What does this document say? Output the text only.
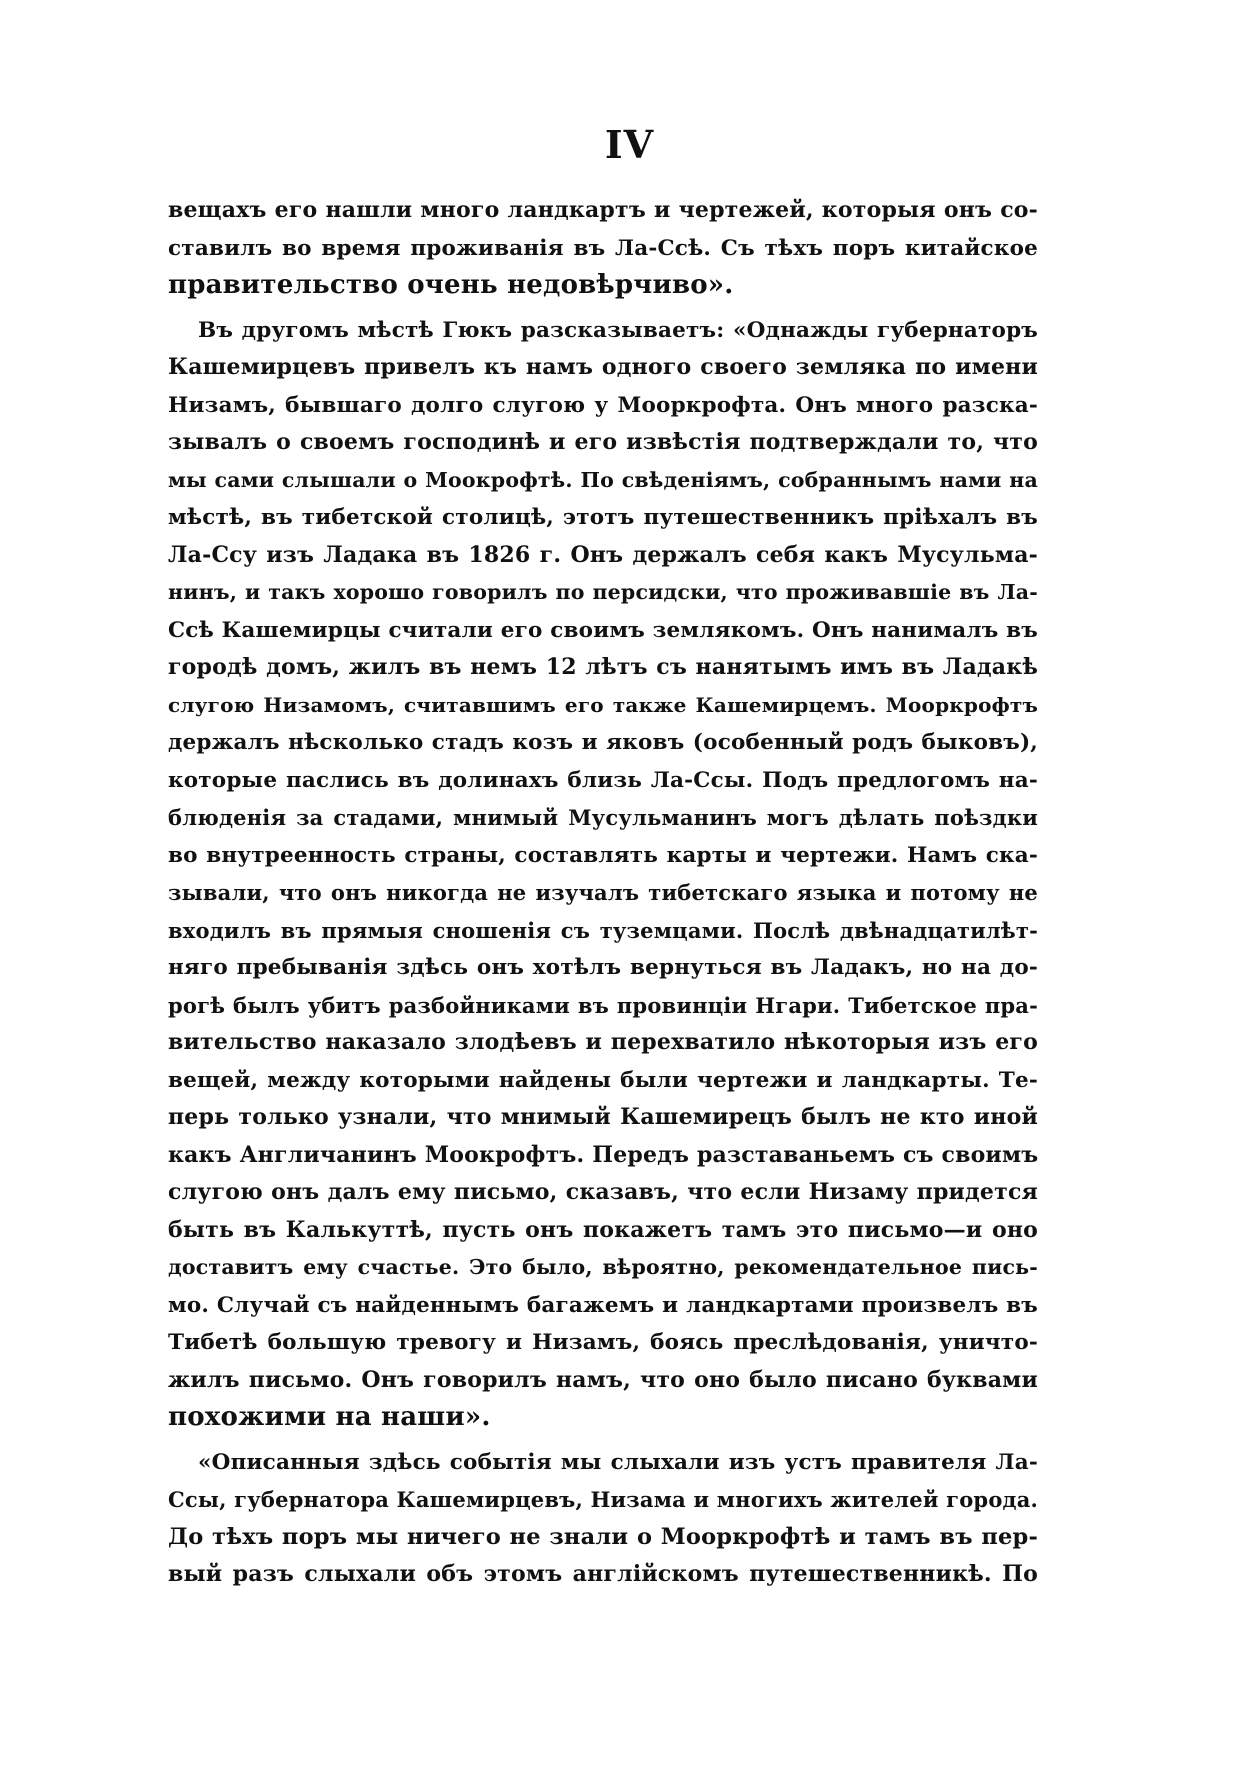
IV
вещахъ его нашли много ландкартъ и чертежей, которыя онъ со-
ставилъ во время проживанія въ Ла-Ссѣ. Съ тѣхъ поръ китайское
правительство очень недовѣрчиво».
Въ другомъ мѣстѣ Гюкъ разсказываетъ: «Однажды губернаторъ
Кашемирцевъ привелъ къ намъ одного своего земляка по имени
Низамъ, бывшаго долго слугою у Мооркрофта. Онъ много разска-
зывалъ о своемъ господинѣ и его извѣстія подтверждали то, что
мы сами слышали о Моокрофтѣ. По свѣденіямъ, собраннымъ нами на
мѣстѣ, въ тибетской столицѣ, этотъ путешественникъ пріѣхалъ въ
Ла-Ссу изъ Ладака въ 1826 г. Онъ держалъ себя какъ Мусульма-
нинъ, и такъ хорошо говорилъ по персидски, что проживавшіе въ Ла-
Ссѣ Кашемирцы считали его своимъ землякомъ. Онъ нанималъ въ
городѣ домъ, жилъ въ немъ 12 лѣтъ съ нанятымъ имъ въ Ладакѣ
слугою Низамомъ, считавшимъ его также Кашемирцемъ. Мооркрофтъ
держалъ нѣсколько стадъ козъ и яковъ (особенный родъ быковъ),
которые паслись въ долинахъ близь Ла-Ссы. Подъ предлогомъ на-
блюденія за стадами, мнимый Мусульманинъ могъ дѣлать поѣздки
во внутреенность страны, составлять карты и чертежи. Намъ ска-
зывали, что онъ никогда не изучалъ тибетскаго языка и потому не
входилъ въ прямыя сношенія съ туземцами. Послѣ двѣнадцатилѣт-
няго пребыванія здѣсь онъ хотѣлъ вернуться въ Ладакъ, но на до-
рогѣ былъ убитъ разбойниками въ провинціи Нгари. Тибетское пра-
вительство наказало злодѣевъ и перехватило нѣкоторыя изъ его
вещей, между которыми найдены были чертежи и ландкарты. Те-
перь только узнали, что мнимый Кашемирецъ былъ не кто иной
какъ Англичанинъ Моокрофтъ. Передъ разставаньемъ съ своимъ
слугою онъ далъ ему письмо, сказавъ, что если Низаму придется
быть въ Калькуттѣ, пусть онъ покажетъ тамъ это письмо—и оно
доставитъ ему счастье. Это было, вѣроятно, рекомендательное пись-
мо. Случай съ найденнымъ багажемъ и ландкартами произвелъ въ
Тибетѣ большую тревогу и Низамъ, боясь преслѣдованія, уничто-
жилъ письмо. Онъ говорилъ намъ, что оно было писано буквами
похожими на наши».
«Описанныя здѣсь событія мы слыхали изъ устъ правителя Ла-
Ссы, губернатора Кашемирцевъ, Низама и многихъ жителей города.
До тѣхъ поръ мы ничего не знали о Мооркрофтѣ и тамъ въ пер-
вый разъ слыхали объ этомъ англійскомъ путешественникѣ. По
